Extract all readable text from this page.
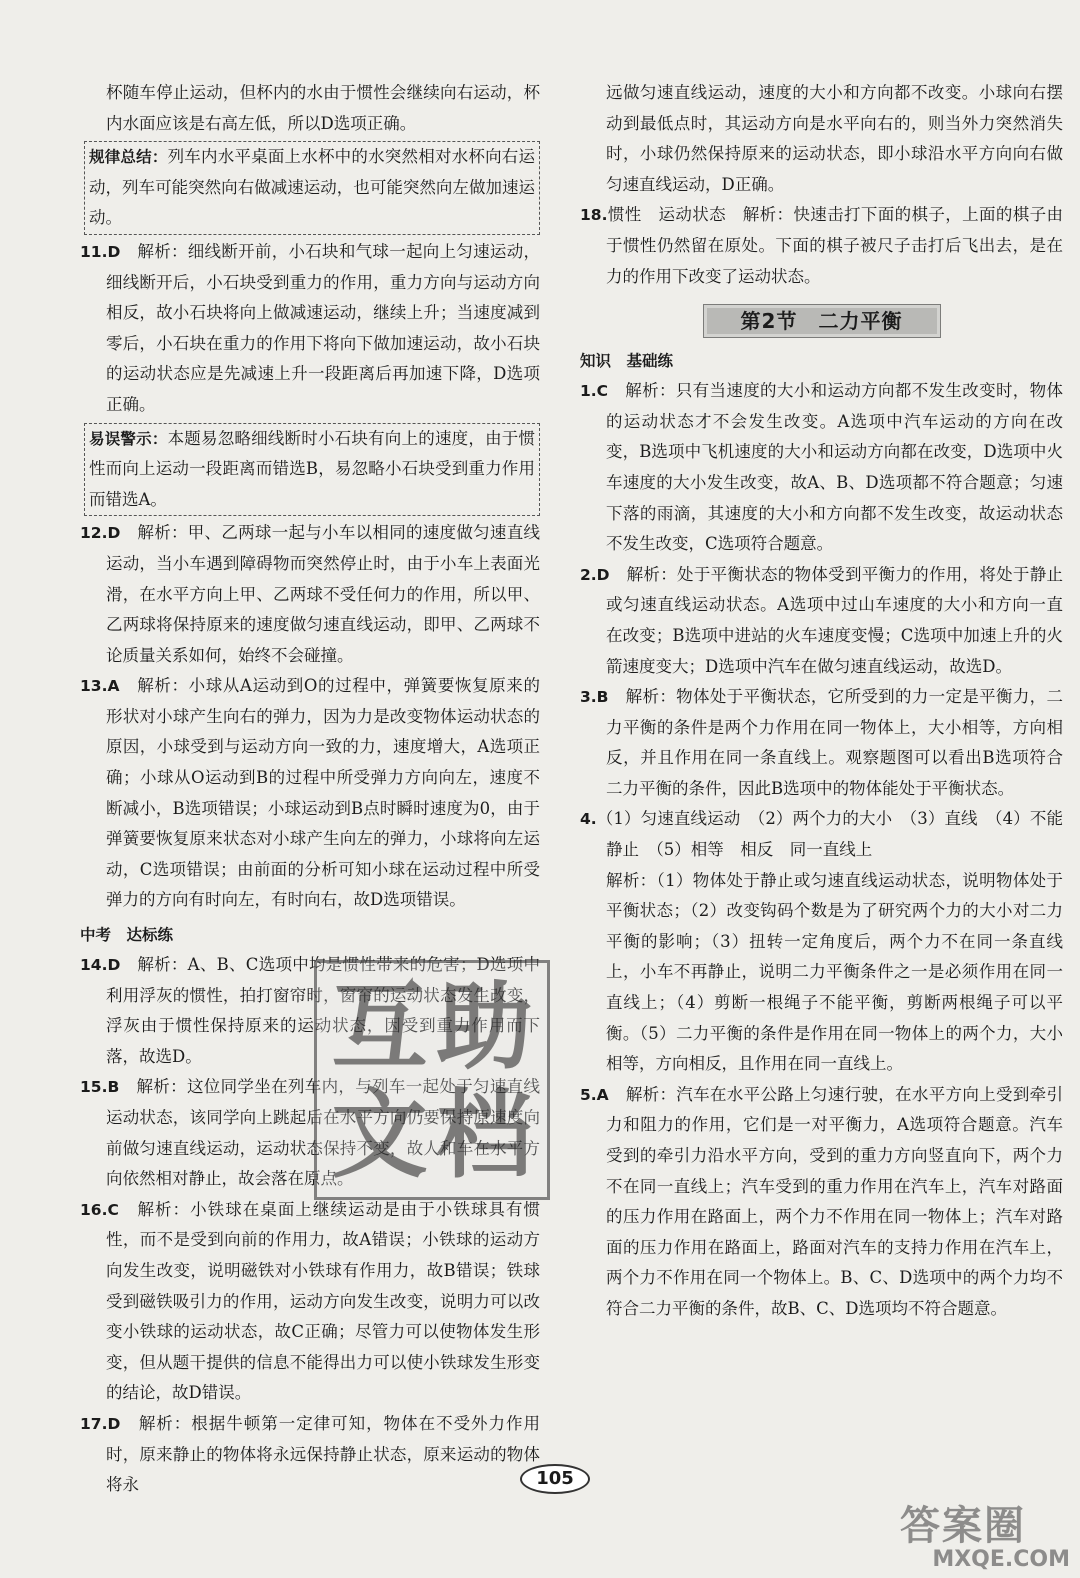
杯随车停止运动，但杯内的水由于惯性会继续向右运动，杯内水面应该是右高左低，所以D选项正确。
规律总结：列车内水平桌面上水杯中的水突然相对水杯向右运动，列车可能突然向右做减速运动，也可能突然向左做加速运动。
11.D　 解析：细线断开前，小石块和气球一起向上匀速运动，细线断开后，小石块受到重力的作用，重力方向与运动方向相反，故小石块将向上做减速运动，继续上升；当速度减到零后，小石块在重力的作用下将向下做加速运动，故小石块的运动状态应是先减速上升一段距离后再加速下降，D选项正确。
易误警示：本题易忽略细线断时小石块有向上的速度，由于惯性而向上运动一段距离而错选B，易忽略小石块受到重力作用而错选A。
12.D　 解析：甲、乙两球一起与小车以相同的速度做匀速直线运动，当小车遇到障碍物而突然停止时，由于小车上表面光滑，在水平方向上甲、乙两球不受任何力的作用，所以甲、乙两球将保持原来的速度做匀速直线运动，即甲、乙两球不论质量关系如何，始终不会碰撞。
13.A　 解析：小球从A运动到O的过程中，弹簧要恢复原来的形状对小球产生向右的弹力，因为力是改变物体运动状态的原因，小球受到与运动方向一致的力，速度增大，A选项正确；小球从O运动到B的过程中所受弹力方向向左，速度不断减小，B选项错误；小球运动到B点时瞬时速度为0，由于弹簧要恢复原来状态对小球产生向左的弹力，小球将向左运动，C选项错误；由前面的分析可知小球在运动过程中所受弹力的方向有时向左，有时向右，故D选项错误。
中考　达标练
14.D　 解析：A、B、C选项中均是惯性带来的危害；D选项中利用浮灰的惯性，拍打窗帘时，窗帘的运动状态发生改变，浮灰由于惯性保持原来的运动状态，因受到重力作用而下落，故选D。
15.B　 解析：这位同学坐在列车内，与列车一起处于匀速直线运动状态，该同学向上跳起后在水平方向仍要保持原速度向前做匀速直线运动，运动状态保持不变，故人和车在水平方向依然相对静止，故会落在原点。
16.C　 解析：小铁球在桌面上继续运动是由于小铁球具有惯性，而不是受到向前的作用力，故A错误；小铁球的运动方向发生改变，说明磁铁对小铁球有作用力，故B错误；铁球受到磁铁吸引力的作用，运动方向发生改变，说明力可以改变小铁球的运动状态，故C正确；尽管力可以使物体发生形变，但从题干提供的信息不能得出力可以使小铁球发生形变的结论，故D错误。
17.D　 解析：根据牛顿第一定律可知，物体在不受外力作用时，原来静止的物体将永远保持静止状态，原来运动的物体将永
远做匀速直线运动，速度的大小和方向都不改变。小球向右摆动到最低点时，其运动方向是水平向右的，则当外力突然消失时，小球仍然保持原来的运动状态，即小球沿水平方向向右做匀速直线运动，D正确。
18.惯性　运动状态　解析：快速击打下面的棋子，上面的棋子由于惯性仍然留在原处。下面的棋子被尺子击打后飞出去，是在力的作用下改变了运动状态。
第2节　二力平衡
知识　基础练
1.C　 解析：只有当速度的大小和运动方向都不发生改变时，物体的运动状态才不会发生改变。A选项中汽车运动的方向在改变，B选项中飞机速度的大小和运动方向都在改变，D选项中火车速度的大小发生改变，故A、B、D选项都不符合题意；匀速下落的雨滴，其速度的大小和方向都不发生改变，故运动状态不发生改变，C选项符合题意。
2.D　 解析：处于平衡状态的物体受到平衡力的作用，将处于静止或匀速直线运动状态。A选项中过山车速度的大小和方向一直在改变；B选项中进站的火车速度变慢；C选项中加速上升的火箭速度变大；D选项中汽车在做匀速直线运动，故选D。
3.B　 解析：物体处于平衡状态，它所受到的力一定是平衡力，二力平衡的条件是两个力作用在同一物体上，大小相等，方向相反，并且作用在同一条直线上。观察题图可以看出B选项符合二力平衡的条件，因此B选项中的物体能处于平衡状态。
4.（1）匀速直线运动　（2）两个力的大小　（3）直线　（4）不能静止　（5）相等　相反　同一直线上
解析：（1）物体处于静止或匀速直线运动状态，说明物体处于平衡状态；（2）改变钩码个数是为了研究两个力的大小对二力平衡的影响；（3）扭转一定角度后，两个力不在同一条直线上，小车不再静止，说明二力平衡条件之一是必须作用在同一直线上；（4）剪断一根绳子不能平衡，剪断两根绳子可以平衡。（5）二力平衡的条件是作用在同一物体上的两个力，大小相等，方向相反，且作用在同一直线上。
5.A　 解析：汽车在水平公路上匀速行驶，在水平方向上受到牵引力和阻力的作用，它们是一对平衡力，A选项符合题意。汽车受到的牵引力沿水平方向，受到的重力方向竖直向下，两个力不在同一直线上；汽车受到的重力作用在汽车上，汽车对路面的压力作用在路面上，两个力不作用在同一物体上；汽车对路面的压力作用在路面上，路面对汽车的支持力作用在汽车上，两个力不作用在同一个物体上。B、C、D选项中的两个力均不符合二力平衡的条件，故B、C、D选项均不符合题意。
互 助
文 档
105
答案圈
MXQE.COM
